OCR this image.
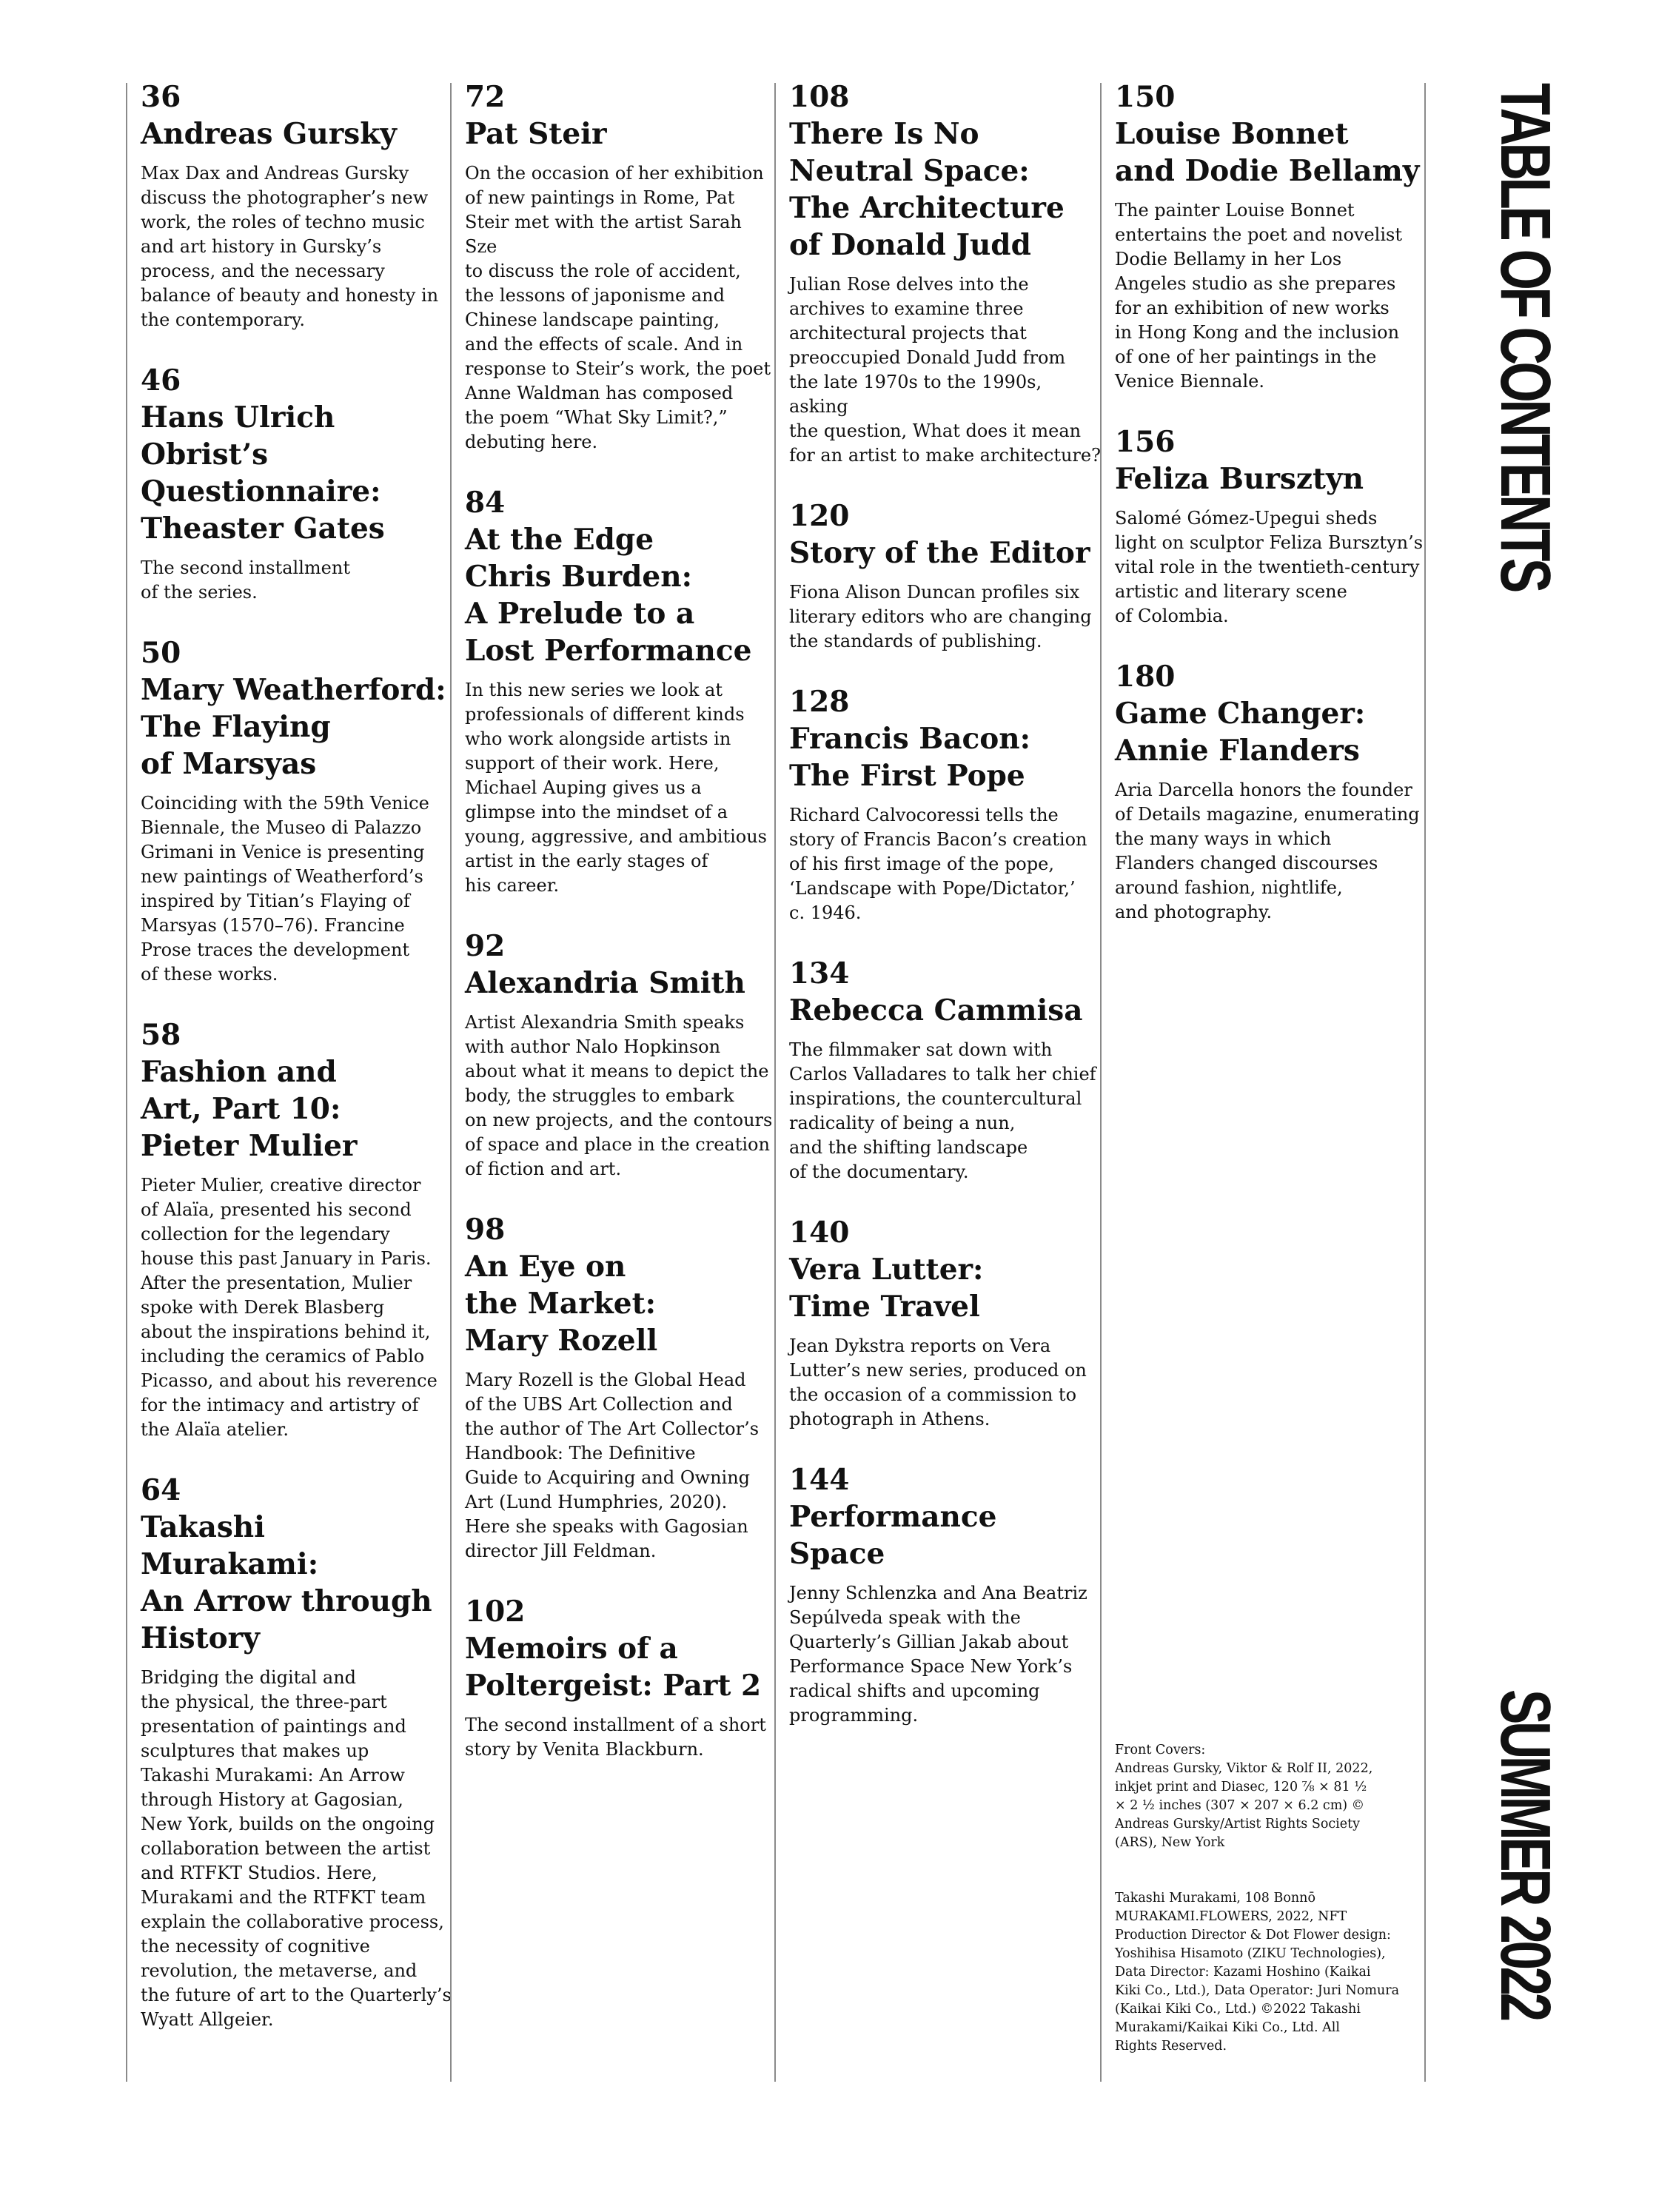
36
Andreas Gursky

Max Dax and Andreas Gursky
discuss the photographer’s new
work, the roles of techno music
and art history in Gursky’s
process, and the necessary
balance of beauty and honesty in
the contemporary.

46
Hans Ulrich
Obrist’s
Questionnaire:
Theaster Gates

The second installment
of the series.

50
Mary Weatherford:
The Flaying
of Marsyas

Coinciding with the 59th Venice
Biennale, the Museo di Palazzo
Grimani in Venice is presenting
new paintings of Weatherford’s
inspired by Titian’s Flaying of
Marsyas (1570–76). Francine
Prose traces the development
of these works.

58
Fashion and
Art, Part 10:
Pieter Mulier

Pieter Mulier, creative director
of Alaïa, presented his second
collection for the legendary
house this past January in Paris.
After the presentation, Mulier
spoke with Derek Blasberg
about the inspirations behind it,
including the ceramics of Pablo
Picasso, and about his reverence
for the intimacy and artistry of
the Alaïa atelier.

64
Takashi Murakami:
An Arrow through
History

Bridging the digital and
the physical, the three-part
presentation of paintings and
sculptures that makes up
Takashi Murakami: An Arrow
through History at Gagosian,
New York, builds on the ongoing
collaboration between the artist
and RTFKT Studios. Here,
Murakami and the RTFKT team
explain the collaborative process,
the necessity of cognitive
revolution, the metaverse, and
the future of art to the Quarterly’s
Wyatt Allgeier.

72
Pat Steir

On the occasion of her exhibition
of new paintings in Rome, Pat
Steir met with the artist Sarah Sze
to discuss the role of accident,
the lessons of japonisme and
Chinese landscape painting,
and the effects of scale. And in
response to Steir’s work, the poet
Anne Waldman has composed
the poem “What Sky Limit?,”
debuting here.

84
At the Edge
Chris Burden:
A Prelude to a
Lost Performance

In this new series we look at
professionals of different kinds
who work alongside artists in
support of their work. Here,
Michael Auping gives us a
glimpse into the mindset of a
young, aggressive, and ambitious
artist in the early stages of
his career.

92
Alexandria Smith

Artist Alexandria Smith speaks
with author Nalo Hopkinson
about what it means to depict the
body, the struggles to embark
on new projects, and the contours
of space and place in the creation
of fiction and art.

98
An Eye on
the Market:
Mary Rozell

Mary Rozell is the Global Head
of the UBS Art Collection and
the author of The Art Collector’s
Handbook: The Definitive
Guide to Acquiring and Owning
Art (Lund Humphries, 2020).
Here she speaks with Gagosian
director Jill Feldman.

102
Memoirs of a
Poltergeist: Part 2

The second installment of a short
story by Venita Blackburn.

108
There Is No
Neutral Space:
The Architecture
of Donald Judd

Julian Rose delves into the
archives to examine three
architectural projects that
preoccupied Donald Judd from
the late 1970s to the 1990s, asking
the question, What does it mean
for an artist to make architecture?

120
Story of the Editor

Fiona Alison Duncan profiles six
literary editors who are changing
the standards of publishing.

128
Francis Bacon:
The First Pope

Richard Calvocoressi tells the
story of Francis Bacon’s creation
of his first image of the pope,
‘Landscape with Pope/Dictator,’
c. 1946.

134
Rebecca Cammisa

The filmmaker sat down with
Carlos Valladares to talk her chief
inspirations, the countercultural
radicality of being a nun,
and the shifting landscape
of the documentary.

140
Vera Lutter:
Time Travel

Jean Dykstra reports on Vera
Lutter’s new series, produced on
the occasion of a commission to
photograph in Athens.

144
Performance Space

Jenny Schlenzka and Ana Beatriz
Sepúlveda speak with the
Quarterly’s Gillian Jakab about
Performance Space New York’s
radical shifts and upcoming
programming.

150
Louise Bonnet
and Dodie Bellamy

The painter Louise Bonnet
entertains the poet and novelist
Dodie Bellamy in her Los
Angeles studio as she prepares
for an exhibition of new works
in Hong Kong and the inclusion
of one of her paintings in the
Venice Biennale.

156
Feliza Bursztyn

Salomé Gómez-Upegui sheds
light on sculptor Feliza Bursztyn’s
vital role in the twentieth-century
artistic and literary scene
of Colombia.

180
Game Changer:
Annie Flanders

Aria Darcella honors the founder
of Details magazine, enumerating
the many ways in which
Flanders changed discourses
around fashion, nightlife,
and photography.

Front Covers:
Andreas Gursky, Viktor & Rolf II, 2022,
inkjet print and Diasec, 120 ⅞ × 81 ½
× 2 ½ inches (307 × 207 × 6.2 cm) ©
Andreas Gursky/Artist Rights Society
(ARS), New York

Takashi Murakami, 108 Bonnō
MURAKAMI.FLOWERS, 2022, NFT
Production Director & Dot Flower design:
Yoshihisa Hisamoto (ZIKU Technologies),
Data Director: Kazami Hoshino (Kaikai
Kiki Co., Ltd.), Data Operator: Juri Nomura
(Kaikai Kiki Co., Ltd.) ©2022 Takashi
Murakami/Kaikai Kiki Co., Ltd. All
Rights Reserved.

TABLE OF CONTENTS
SUMMER 2022
